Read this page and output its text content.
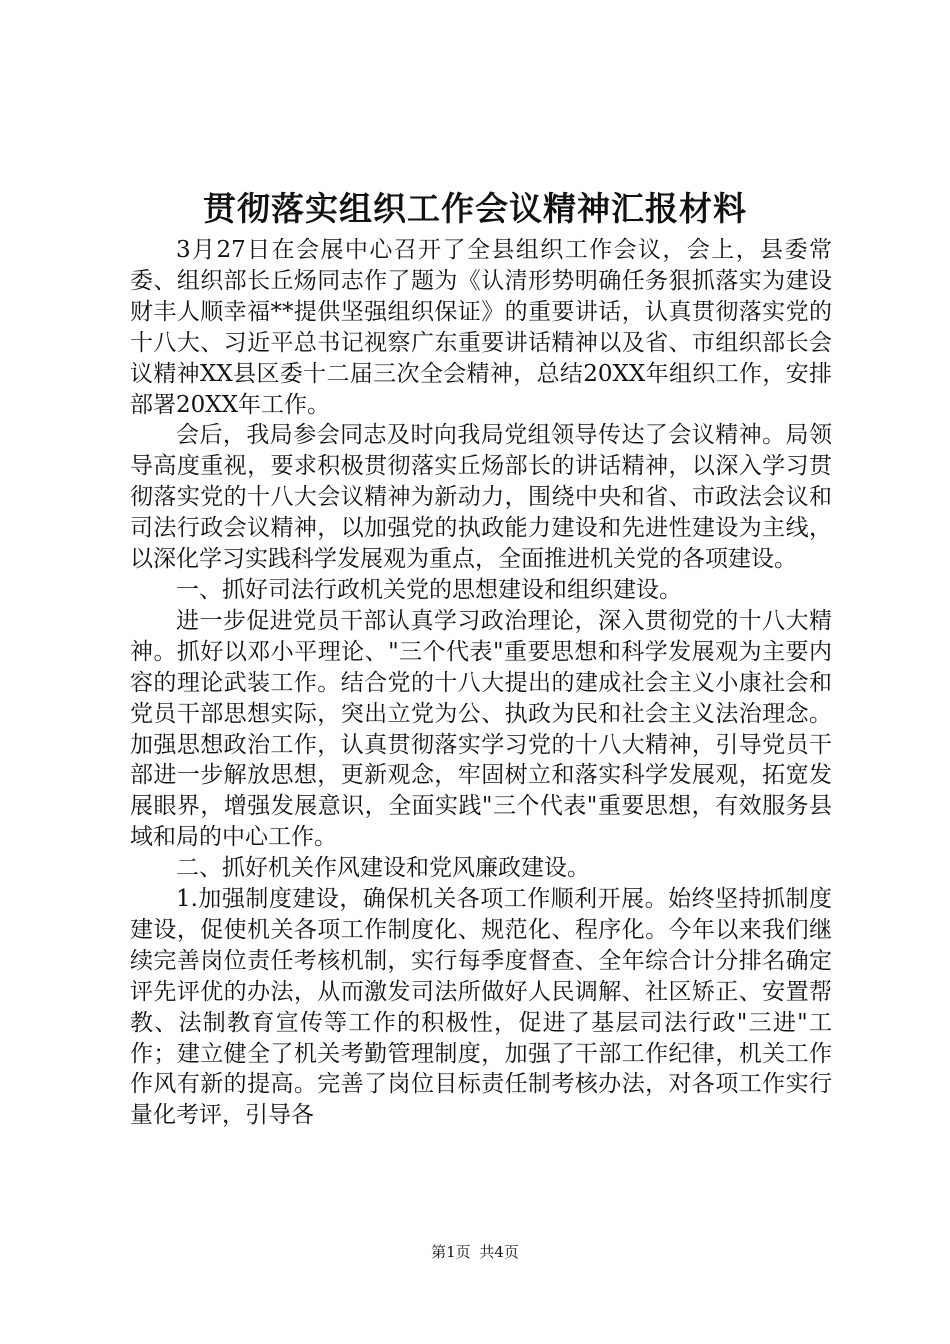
贯彻落实组织工作会议精神汇报材料

3月27日在会展中心召开了全县组织工作会议，会上，县委常委、组织部长丘炀同志作了题为《认清形势明确任务狠抓落实为建设财丰人顺幸福**提供坚强组织保证》的重要讲话，认真贯彻落实党的十八大、习近平总书记视察广东重要讲话精神以及省、市组织部长会议精神XX县区委十二届三次全会精神，总结20XX年组织工作，安排部署20XX年工作。

会后，我局参会同志及时向我局党组领导传达了会议精神。局领导高度重视，要求积极贯彻落实丘炀部长的讲话精神，以深入学习贯彻落实党的十八大会议精神为新动力，围绕中央和省、市政法会议和司法行政会议精神，以加强党的执政能力建设和先进性建设为主线，以深化学习实践科学发展观为重点，全面推进机关党的各项建设。

一、抓好司法行政机关党的思想建设和组织建设。

进一步促进党员干部认真学习政治理论，深入贯彻党的十八大精神。抓好以邓小平理论、"三个代表"重要思想和科学发展观为主要内容的理论武装工作。结合党的十八大提出的建成社会主义小康社会和党员干部思想实际，突出立党为公、执政为民和社会主义法治理念。加强思想政治工作，认真贯彻落实学习党的十八大精神，引导党员干部进一步解放思想，更新观念，牢固树立和落实科学发展观，拓宽发展眼界，增强发展意识，全面实践"三个代表"重要思想，有效服务县域和局的中心工作。

二、抓好机关作风建设和党风廉政建设。

1.加强制度建设，确保机关各项工作顺利开展。始终坚持抓制度建设，促使机关各项工作制度化、规范化、程序化。今年以来我们继续完善岗位责任考核机制，实行每季度督查、全年综合计分排名确定评先评优的办法，从而激发司法所做好人民调解、社区矫正、安置帮教、法制教育宣传等工作的积极性，促进了基层司法行政"三进"工作；建立健全了机关考勤管理制度，加强了干部工作纪律，机关工作作风有新的提高。完善了岗位目标责任制考核办法，对各项工作实行量化考评，引导各

第1页 共4页
